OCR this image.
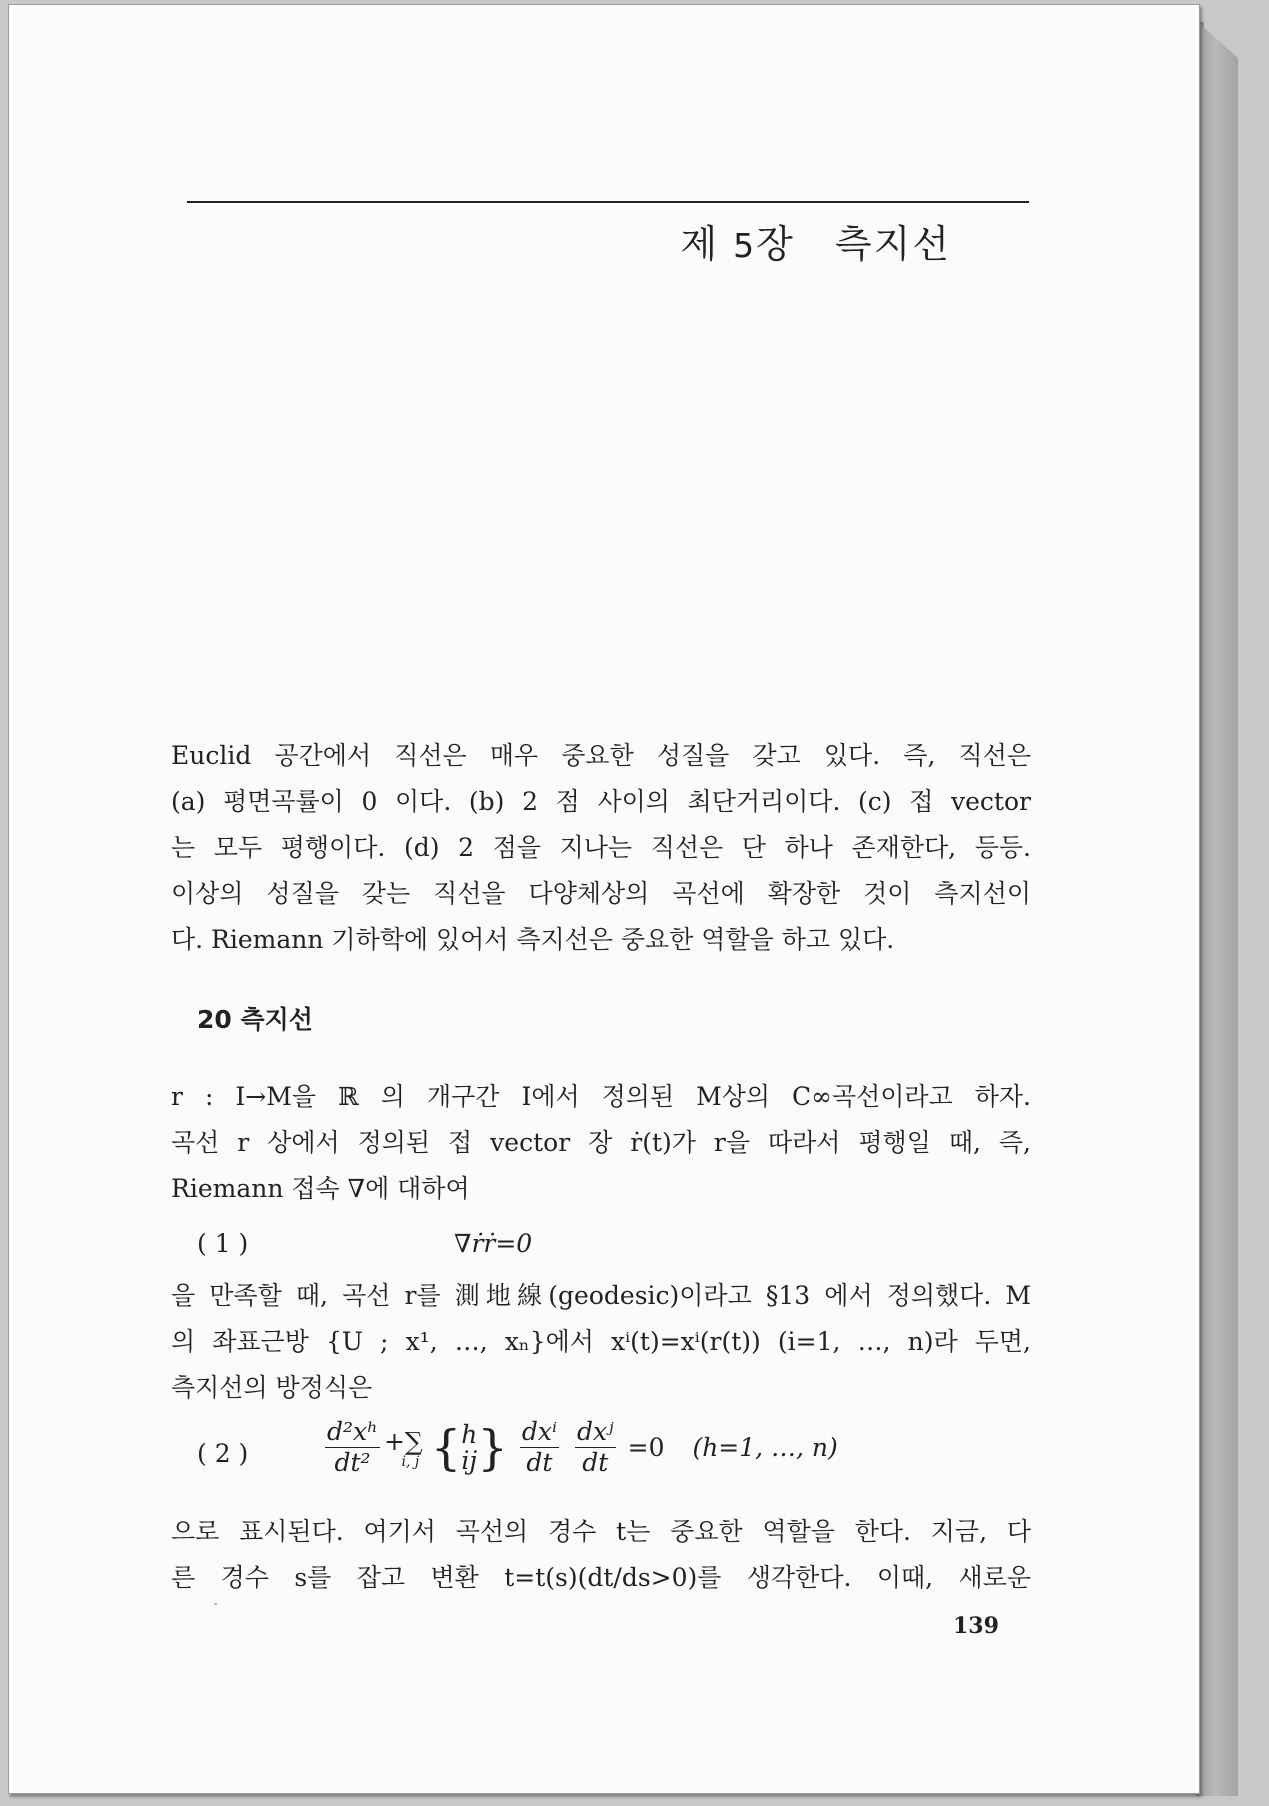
제 5장 측지선
Euclid 공간에서 직선은 매우 중요한 성질을 갖고 있다. 즉, 직선은
(a) 평면곡률이 0 이다. (b) 2 점 사이의 최단거리이다. (c) 접 vector
는 모두 평행이다. (d) 2 점을 지나는 직선은 단 하나 존재한다, 등등.
이상의 성질을 갖는 직선을 다양체상의 곡선에 확장한 것이 측지선이
다. Riemann 기하학에 있어서 측지선은 중요한 역할을 하고 있다.
20 측지선
r : I→M을 ℝ 의 개구간 I에서 정의된 M상의 C∞곡선이라고 하자.
곡선 r 상에서 정의된 접 vector 장 ṙ(t)가 r을 따라서 평행일 때, 즉,
Riemann 접속 ∇에 대하여
( 1 )	∇ṙṙ=0
을 만족할 때, 곡선 r를 測地線(geodesic)이라고 §13 에서 정의했다. M
의 좌표근방 {U ; x¹, …, xₙ}에서 xⁱ(t)=xⁱ(r(t)) (i=1, …, n)라 두면,
측지선의 방정식은
( 2 )	$\frac{\text{d²xʰ}}{\text{dt²}}$ +∑
i, j { h
ij } $\frac{\text{dxⁱ}}{dt}$
$\frac{\text{dxʲ}}{dt} =0$ (h=1, …, n)
으로 표시된다. 여기서 곡선의 경수 t는 중요한 역할을 한다. 지금, 다
른 경수 s를 잡고 변환 t=t(s)(dt/ds>0)를 생각한다. 이때, 새로운
139
